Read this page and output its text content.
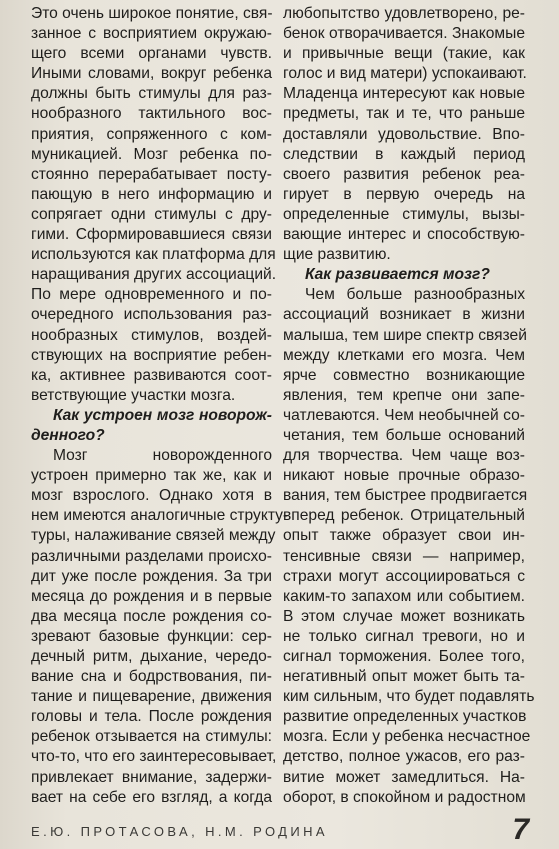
Это очень широкое понятие, свя-
занное с восприятием окружаю-
щего всеми органами чувств.
Иными словами, вокруг ребенка
должны быть стимулы для раз-
нообразного тактильного вос-
приятия, сопряженного с ком-
муникацией. Мозг ребенка по-
стоянно перерабатывает посту-
пающую в него информацию и
сопрягает одни стимулы с дру-
гими. Сформировавшиеся связи
используются как платформа для
наращивания других ассоциаций.
По мере одновременного и по-
очередного использования раз-
нообразных стимулов, воздей-
ствующих на восприятие ребен-
ка, активнее развиваются соот-
ветствующие участки мозга.
Как устроен мозг новорож-
денного?
Мозг новорожденного
устроен примерно так же, как и
мозг взрослого. Однако хотя в
нем имеются аналогичные структу-
туры, налаживание связей между
различными разделами происхо-
дит уже после рождения. За три
месяца до рождения и в первые
два месяца после рождения со-
зревают базовые функции: сер-
дечный ритм, дыхание, чередо-
вание сна и бодрствования, пи-
тание и пищеварение, движения
головы и тела. После рождения
ребенок отзывается на стимулы:
что-то, что его заинтересовывает,
привлекает внимание, задержи-
вает на себе его взгляд, а когда
любопытство удовлетворено, ре-
бенок отворачивается. Знакомые
и привычные вещи (такие, как
голос и вид матери) успокаивают.
Младенца интересуют как новые
предметы, так и те, что раньше
доставляли удовольствие. Впо-
следствии в каждый период
своего развития ребенок реа-
гирует в первую очередь на
определенные стимулы, вызы-
вающие интерес и способствую-
щие развитию.
Как развивается мозг?
Чем больше разнообразных
ассоциаций возникает в жизни
малыша, тем шире спектр связей
между клетками его мозга. Чем
ярче совместно возникающие
явления, тем крепче они запе-
чатлеваются. Чем необычней со-
четания, тем больше оснований
для творчества. Чем чаще воз-
никают новые прочные образо-
вания, тем быстрее продвигается
вперед ребенок. Отрицательный
опыт также образует свои ин-
тенсивные связи — например,
страхи могут ассоциироваться с
каким-то запахом или событием.
В этом случае может возникать
не только сигнал тревоги, но и
сигнал торможения. Более того,
негативный опыт может быть та-
ким сильным, что будет подавлять
развитие определенных участков
мозга. Если у ребенка несчастное
детство, полное ужасов, его раз-
витие может замедлиться. На-
оборот, в спокойном и радостном
Е.Ю. ПРОТАСОВА, Н.М. РОДИНА	7
